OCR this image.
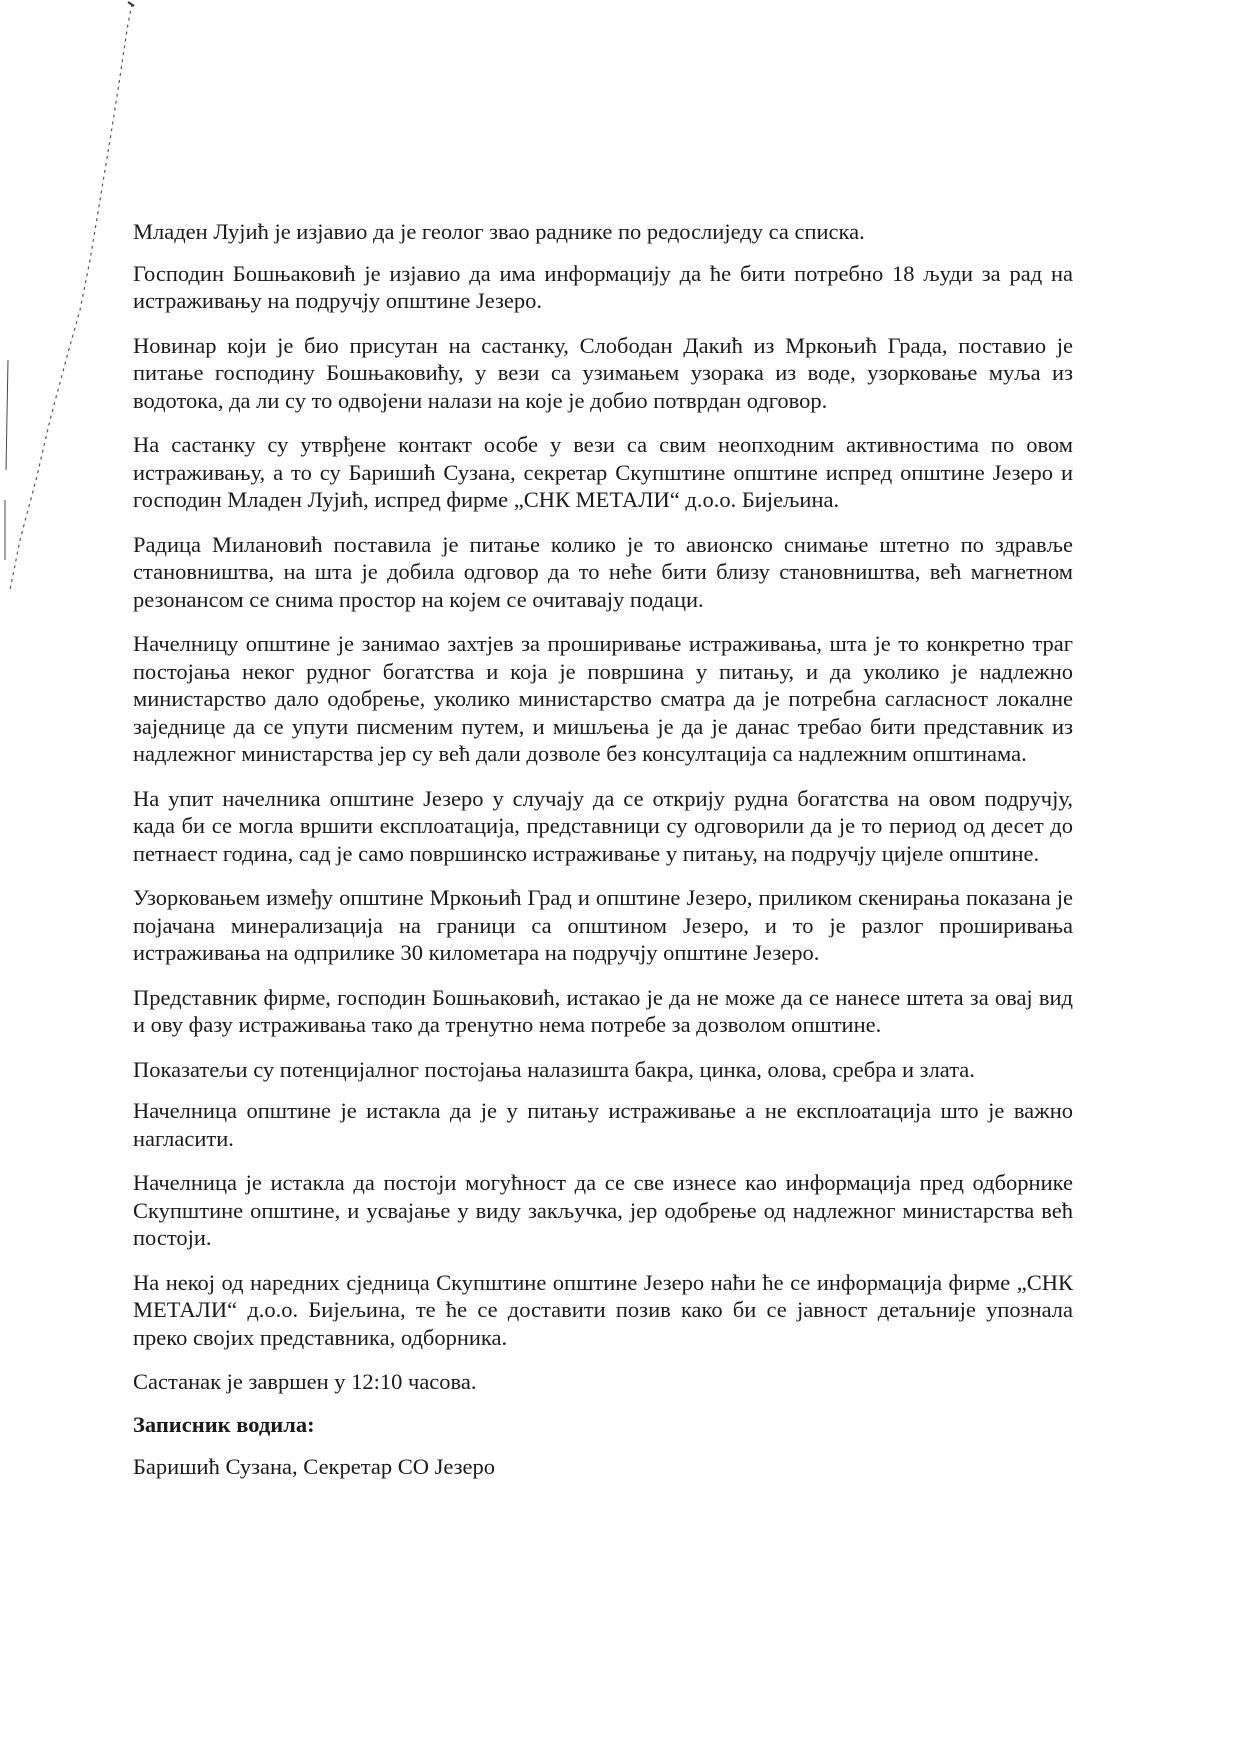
Младен Лујић је изјавио да је геолог звао раднике по редослиједу са списка.

Господин Бошњаковић је изјавио да има информацију да ће бити потребно 18 људи за рад на истраживању на подручју општине Језеро.

Новинар који је био присутан на састанку, Слободан Дакић из Мркоњић Града, поставио је питање господину Бошњаковићу, у вези са узимањем узорака из воде, узорковање муља из водотока, да ли су то одвојени налази на које је добио потврдан одговор.

На састанку су утврђене контакт особе у вези са свим неопходним активностима по овом истраживању, а то су Баришић Сузана, секретар Скупштине општине испред општине Језеро и господин Младен Лујић, испред фирме „СНК МЕТАЛИ“ д.о.о. Бијељина.

Радица Милановић поставила је питање колико је то авионско снимање штетно по здравље становништва, на шта је добила одговор да то неће бити близу становништва, већ магнетном резонансом се снима простор на којем се очитавају подаци.

Начелницу општине је занимао захтјев за проширивање истраживања, шта је то конкретно траг постојања неког рудног богатства и која је површина у питању, и да уколико је надлежно министарство дало одобрење, уколико министарство сматра да је потребна сагласност локалне заједнице да се упути писменим путем, и мишљења је да је данас требао бити представник из надлежног министарства јер су већ дали дозволе без консултација са надлежним општинама.

На упит начелника општине Језеро у случају да се открију рудна богатства на овом подручју, када би се могла вршити експлоатација, представници су одговорили да је то период од десет до петнаест година, сад је само површинско истраживање у питању, на подручју цијеле општине.

Узорковањем између општине Мркоњић Град и општине Језеро, приликом скенирања показана је појачана минерализација на граници са општином Језеро, и то је разлог проширивања истраживања на одприлике 30 километара на подручју општине Језеро.

Представник фирме, господин Бошњаковић, истакао је да не може да се нанесе штета за овај вид и ову фазу истраживања тако да тренутно нема потребе за дозволом општине.

Показатељи су потенцијалног постојања налазишта бакра, цинка, олова, сребра и злата.

Начелница општине је истакла да је у питању истраживање а не експлоатација што је важно нагласити.

Начелница је истакла да постоји могућност да се све изнесе као информација пред одборнике Скупштине општине, и усвајање у виду закључка, јер одобрење од надлежног министарства већ постоји.

На некој од наредних сједница Скупштине општине Језеро наћи ће се информација фирме „СНК МЕТАЛИ“ д.о.о. Бијељина, те ће се доставити позив како би се јавност детаљније упознала преко својих представника, одборника.

Састанак је завршен у 12:10 часова.

Записник водила:

Баришић Сузана, Секретар СО Језеро
